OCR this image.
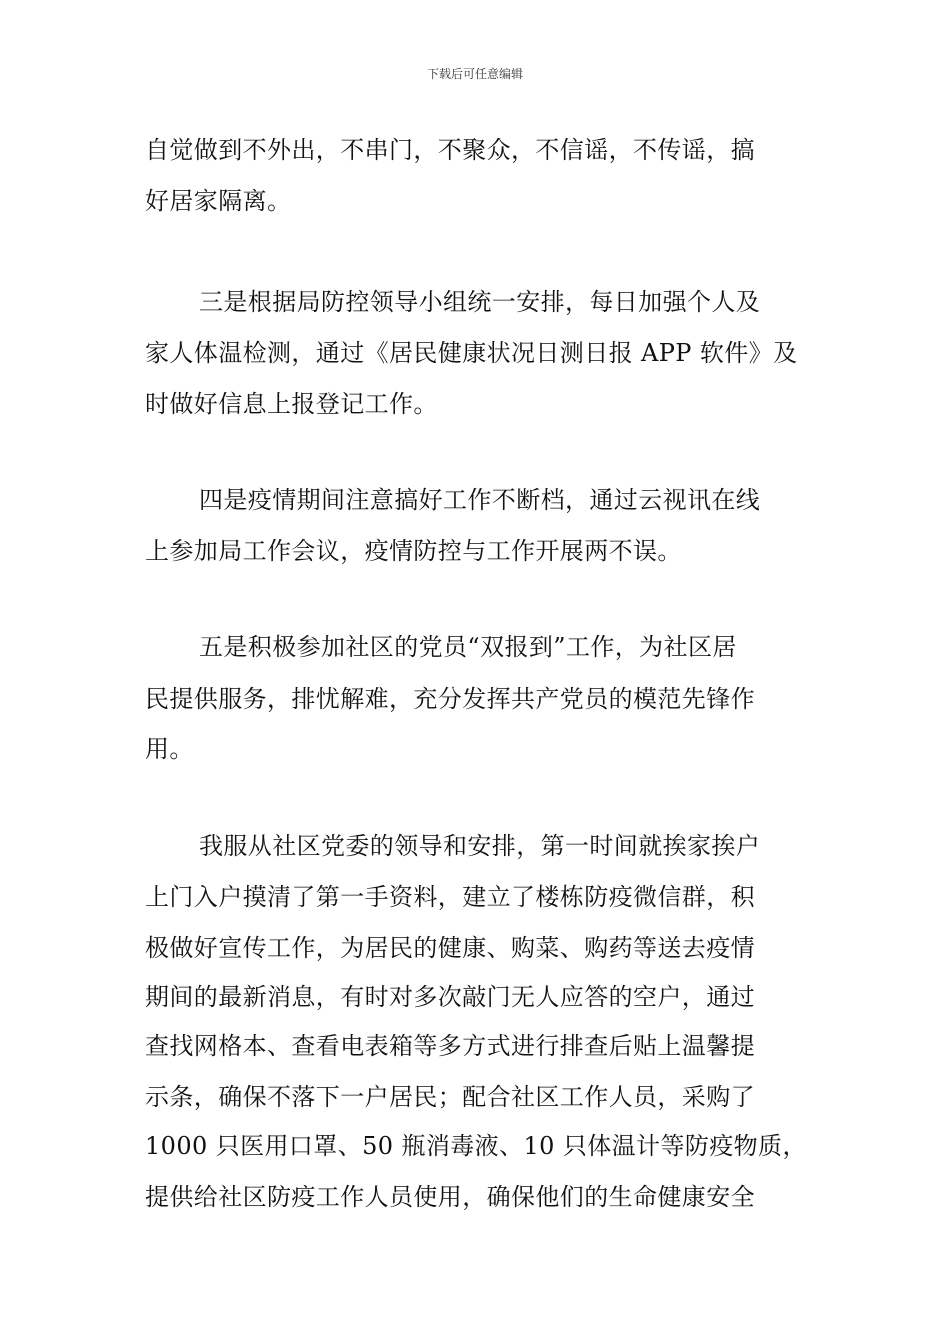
下载后可任意编辑
自觉做到不外出，不串门，不聚众，不信谣，不传谣，搞
好居家隔离。
三是根据局防控领导小组统一安排，每日加强个人及
家人体温检测，通过《居民健康状况日测日报 APP 软件》及
时做好信息上报登记工作。
四是疫情期间注意搞好工作不断档，通过云视讯在线
上参加局工作会议，疫情防控与工作开展两不误。
五是积极参加社区的党员“双报到”工作，为社区居
民提供服务，排忧解难，充分发挥共产党员的模范先锋作
用。
我服从社区党委的领导和安排，第一时间就挨家挨户
上门入户摸清了第一手资料，建立了楼栋防疫微信群，积
极做好宣传工作，为居民的健康、购菜、购药等送去疫情
期间的最新消息，有时对多次敲门无人应答的空户，通过
查找网格本、查看电表箱等多方式进行排查后贴上温馨提
示条，确保不落下一户居民；配合社区工作人员，采购了
1000 只医用口罩、50 瓶消毒液、10 只体温计等防疫物质，
提供给社区防疫工作人员使用，确保他们的生命健康安全
